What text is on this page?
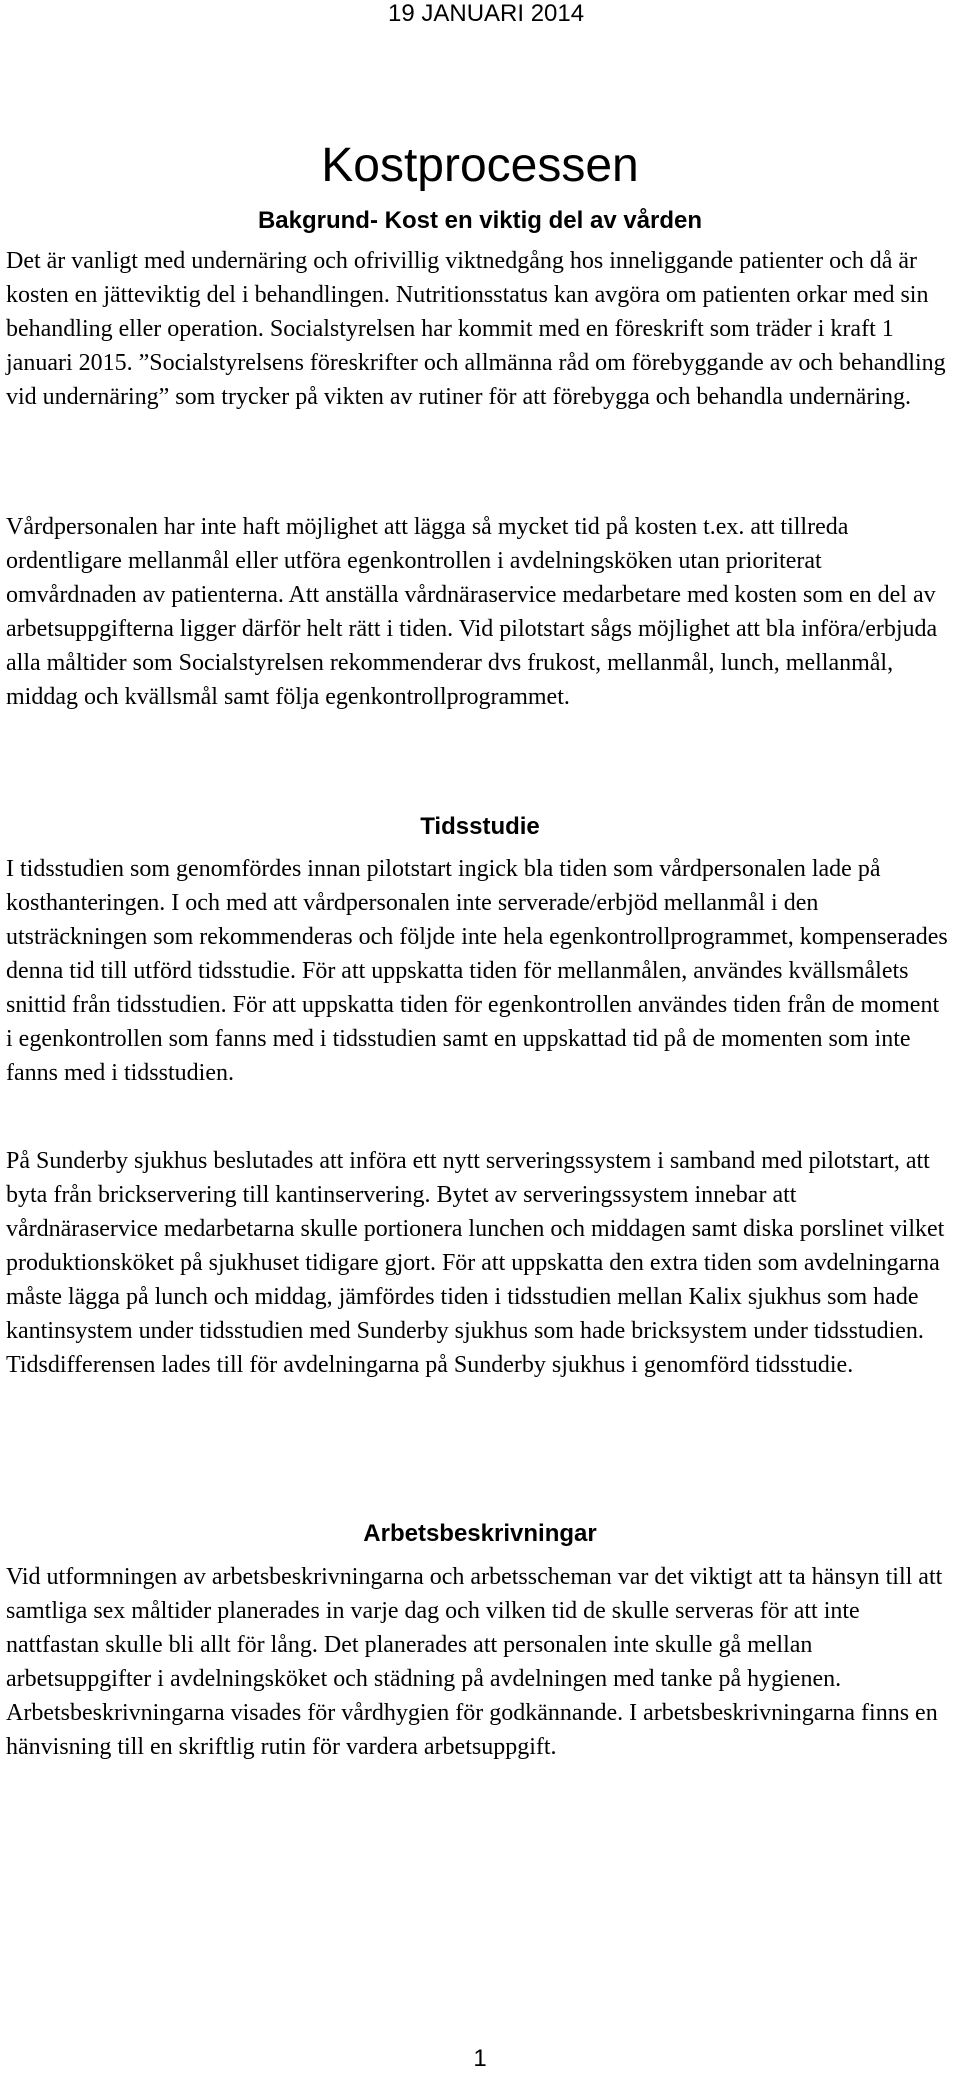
19 JANUARI 2014
Kostprocessen
Bakgrund- Kost en viktig del av vården

Det är vanligt med undernäring och ofrivillig viktnedgång hos inneliggande patienter och då är kosten en jätteviktig del i behandlingen. Nutritionsstatus kan avgöra om patienten orkar med sin behandling eller operation. Socialstyrelsen har kommit med en föreskrift som träder i kraft 1 januari 2015. ”Socialstyrelsens föreskrifter och allmänna råd om förebyggande av och behandling vid undernäring” som trycker på vikten av rutiner för att förebygga och behandla undernäring.

Vårdpersonalen har inte haft möjlighet att lägga så mycket tid på kosten t.ex. att tillreda ordentligare mellanmål eller utföra egenkontrollen i avdelningsköken utan prioriterat omvårdnaden av patienterna. Att anställa vårdnäraservice medarbetare med kosten som en del av arbetsuppgifterna ligger därför helt rätt i tiden. Vid pilotstart sågs möjlighet att bla införa/erbjuda alla måltider som Socialstyrelsen rekommenderar dvs frukost, mellanmål, lunch, mellanmål, middag och kvällsmål samt följa egenkontrollprogrammet.

Tidsstudie

I tidsstudien som genomfördes innan pilotstart ingick bla tiden som vårdpersonalen lade på kosthanteringen. I och med att vårdpersonalen inte serverade/erbjöd mellanmål i den utsträckningen som rekommenderas och följde inte hela egenkontrollprogrammet, kompenserades denna tid till utförd tidsstudie. För att uppskatta tiden för mellanmålen, användes kvällsmålets snittid från tidsstudien. För att uppskatta tiden för egenkontrollen användes tiden från de moment i egenkontrollen som fanns med i tidsstudien samt en uppskattad tid på de momenten som inte fanns med i tidsstudien.

På Sunderby sjukhus beslutades att införa ett nytt serveringssystem i samband med pilotstart, att byta från brickservering till kantinservering. Bytet av serveringssystem innebar att vårdnäraservice medarbetarna skulle portionera lunchen och middagen samt diska porslinet vilket produktionsköket på sjukhuset tidigare gjort. För att uppskatta den extra tiden som avdelningarna måste lägga på lunch och middag, jämfördes tiden i tidsstudien mellan Kalix sjukhus som hade kantinsystem under tidsstudien med Sunderby sjukhus som hade bricksystem under tidsstudien. Tidsdifferensen lades till för avdelningarna på Sunderby sjukhus i genomförd tidsstudie.

Arbetsbeskrivningar

Vid utformningen av arbetsbeskrivningarna och arbetsscheman var det viktigt att ta hänsyn till att samtliga sex måltider planerades in varje dag och vilken tid de skulle serveras för att inte nattfastan skulle bli allt för lång. Det planerades att personalen inte skulle gå mellan arbetsuppgifter i avdelningsköket och städning på avdelningen med tanke på hygienen. Arbetsbeskrivningarna visades för vårdhygien för godkännande. I arbetsbeskrivningarna finns en hänvisning till en skriftlig rutin för vardera arbetsuppgift.

1
